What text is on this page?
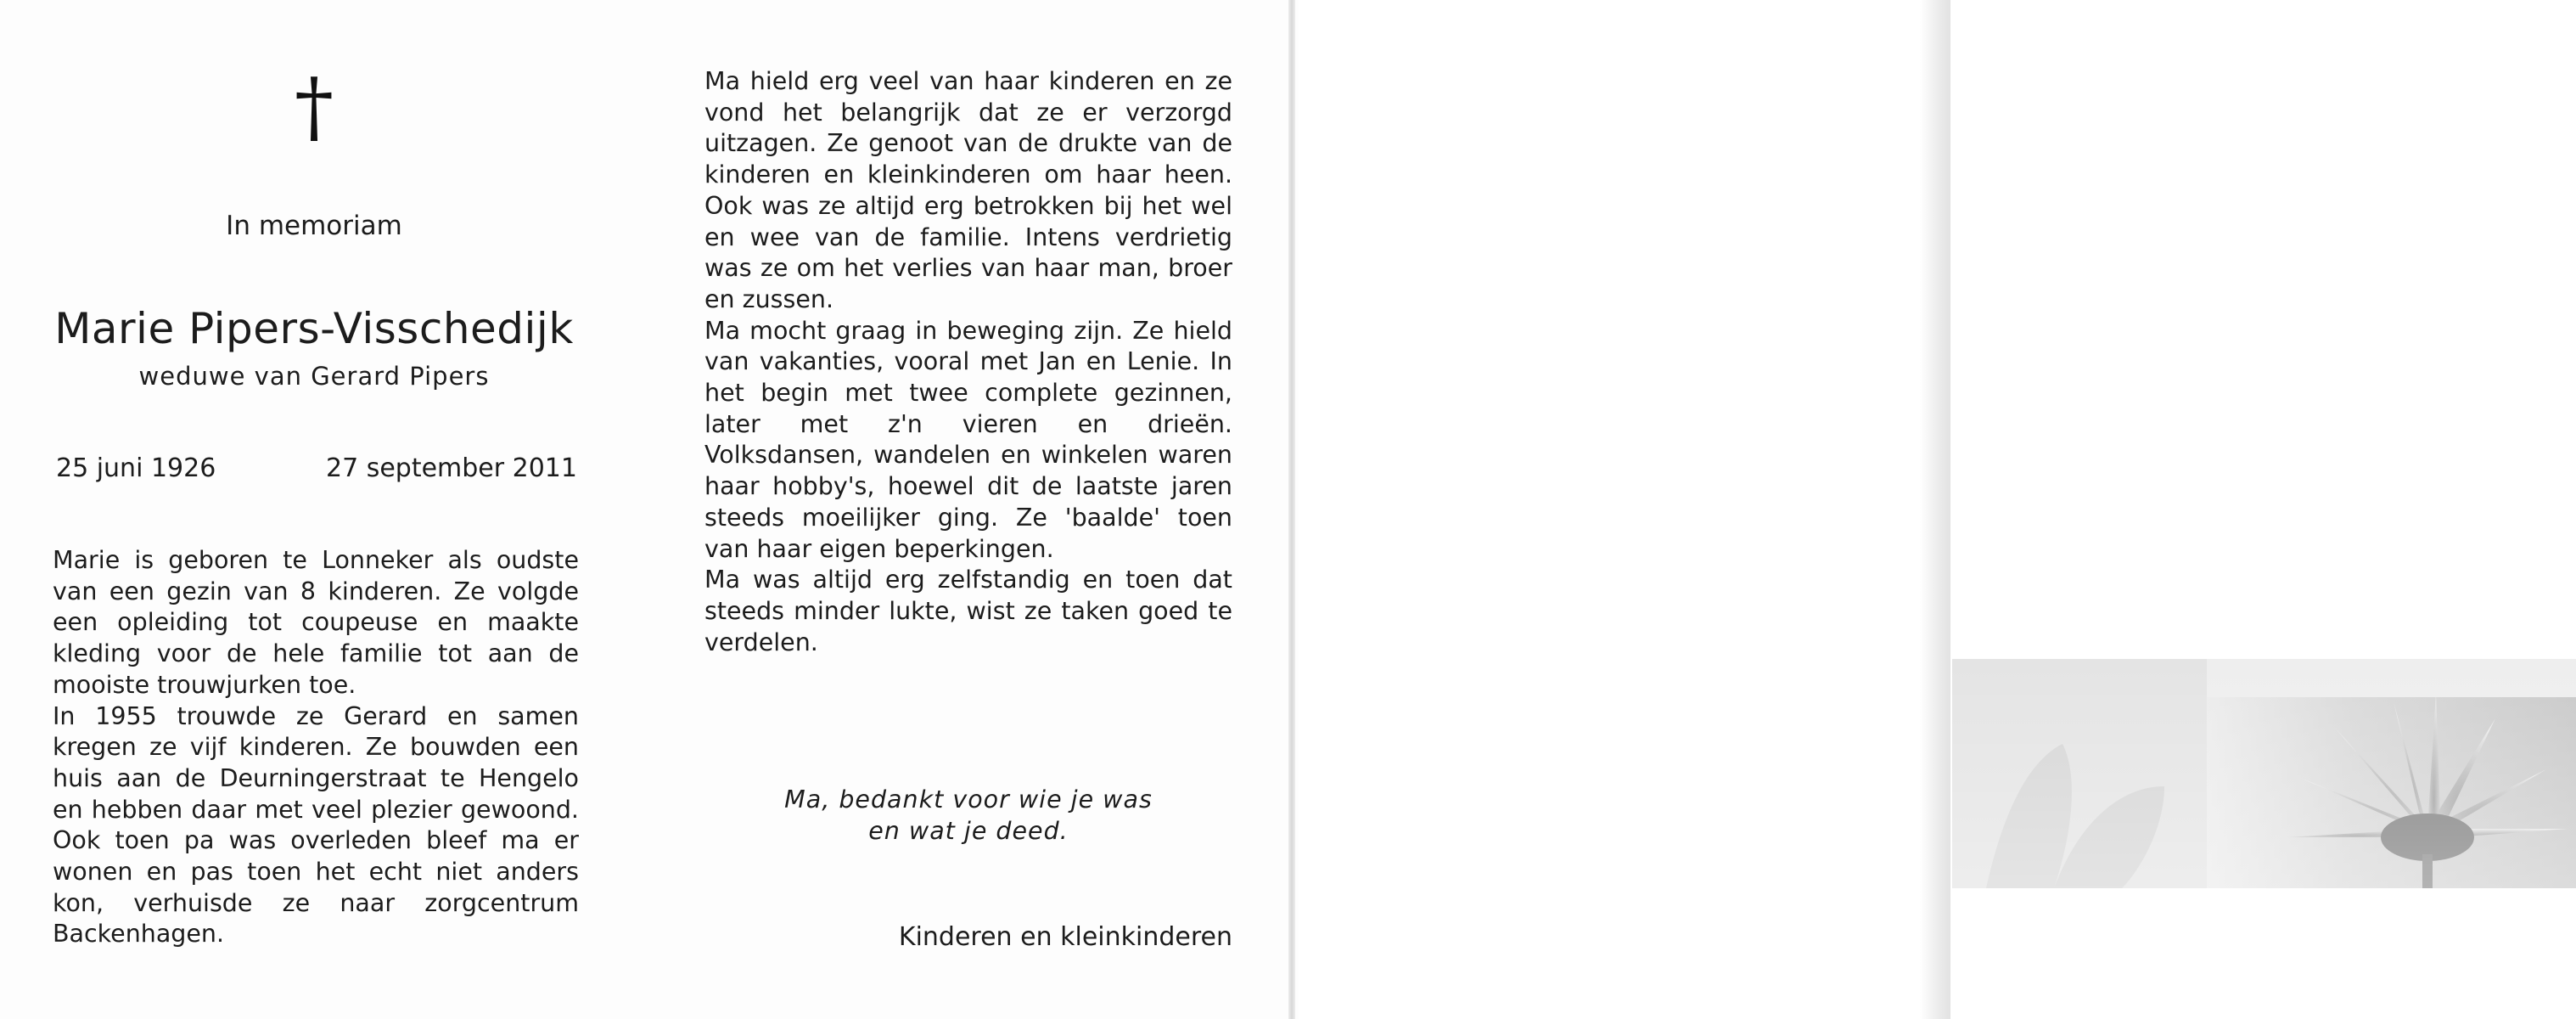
†
In memoriam
Marie Pipers-Visschedijk
weduwe van Gerard Pipers
25 juni 1926	27 september 2011

Marie is geboren te Lonneker als oudste van een gezin van 8 kinderen. Ze volgde een opleiding tot coupeuse en maakte kleding voor de hele familie tot aan de mooiste trouwjurken toe.

In 1955 trouwde ze Gerard en samen kregen ze vijf kinderen. Ze bouwden een huis aan de Deurningerstraat te Hengelo en hebben daar met veel plezier gewoond. Ook toen pa was overleden bleef ma er wonen en pas toen het echt niet anders kon, verhuisde ze naar zorgcentrum Backenhagen.

Ma hield erg veel van haar kinderen en ze vond het belangrijk dat ze er verzorgd uitzagen. Ze genoot van de drukte van de kinderen en kleinkinderen om haar heen. Ook was ze altijd erg betrokken bij het wel en wee van de familie. Intens verdrietig was ze om het verlies van haar man, broer en zussen.

Ma mocht graag in beweging zijn. Ze hield van vakanties, vooral met Jan en Lenie. In het begin met twee complete gezinnen, later met z'n vieren en drieën. Volksdansen, wandelen en winkelen waren haar hobby's, hoewel dit de laatste jaren steeds moeilijker ging. Ze 'baalde' toen van haar eigen beperkingen.

Ma was altijd erg zelfstandig en toen dat steeds minder lukte, wist ze taken goed te verdelen.

Ma, bedankt voor wie je was
en wat je deed.
Kinderen en kleinkinderen
